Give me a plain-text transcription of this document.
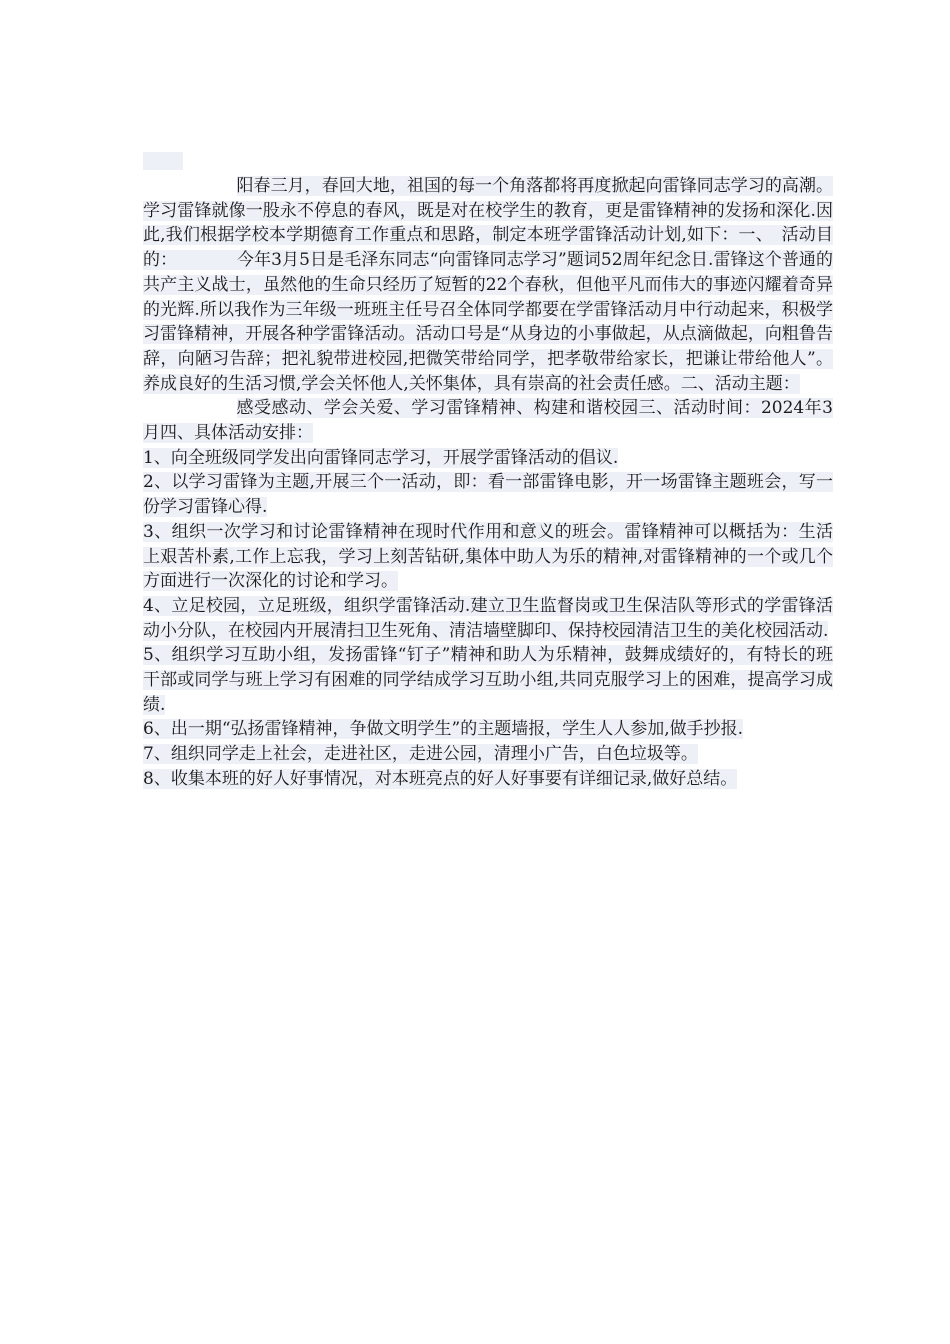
阳春三月，春回大地，祖国的每一个角落都将再度掀起向雷锋同志学习的高潮。学习雷锋就像一股永不停息的春风，既是对在校学生的教育，更是雷锋精神的发扬和深化.因此,我们根据学校本学期德育工作重点和思路，制定本班学雷锋活动计划,如下：一、　活动目的：　　　　今年3月5日是毛泽东同志“向雷锋同志学习”题词52周年纪念日.雷锋这个普通的共产主义战士，虽然他的生命只经历了短暂的22个春秋，但他平凡而伟大的事迹闪耀着奇异的光辉.所以我作为三年级一班班主任号召全体同学都要在学雷锋活动月中行动起来，积极学习雷锋精神，开展各种学雷锋活动。活动口号是“从身边的小事做起，从点滴做起，向粗鲁告辞，向陋习告辞；把礼貌带进校园,把微笑带给同学，把孝敬带给家长，把谦让带给他人”。养成良好的生活习惯,学会关怀他人,关怀集体，具有崇高的社会责任感。二、活动主题：

感受感动、学会关爱、学习雷锋精神、构建和谐校园三、活动时间：2024年3月四、具体活动安排：

1、向全班级同学发出向雷锋同志学习，开展学雷锋活动的倡议.

2、以学习雷锋为主题,开展三个一活动，即：看一部雷锋电影，开一场雷锋主题班会，写一份学习雷锋心得.

3、组织一次学习和讨论雷锋精神在现时代作用和意义的班会。雷锋精神可以概括为：生活上艰苦朴素,工作上忘我，学习上刻苦钻研,集体中助人为乐的精神,对雷锋精神的一个或几个方面进行一次深化的讨论和学习。

4、立足校园，立足班级，组织学雷锋活动.建立卫生监督岗或卫生保洁队等形式的学雷锋活动小分队，在校园内开展清扫卫生死角、清洁墙壁脚印、保持校园清洁卫生的美化校园活动.

5、组织学习互助小组，发扬雷锋“钉子”精神和助人为乐精神，鼓舞成绩好的，有特长的班干部或同学与班上学习有困难的同学结成学习互助小组,共同克服学习上的困难，提高学习成绩.

6、出一期“弘扬雷锋精神，争做文明学生”的主题墙报，学生人人参加,做手抄报.

7、组织同学走上社会，走进社区，走进公园，清理小广告，白色垃圾等。

8、收集本班的好人好事情况，对本班亮点的好人好事要有详细记录,做好总结。
